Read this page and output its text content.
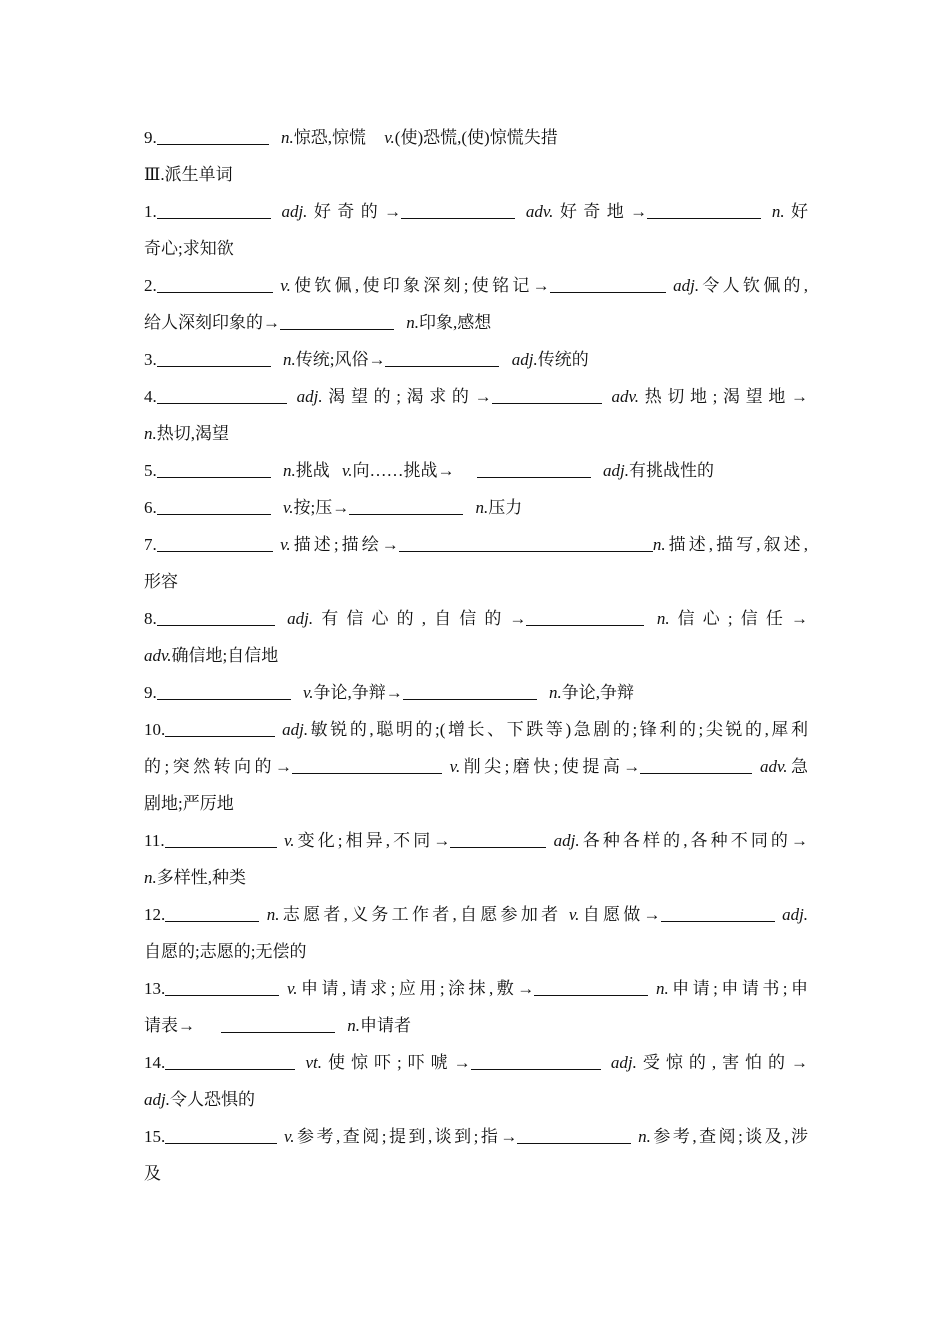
9.	n.惊恐,惊慌 v.(使)恐慌,(使)惊慌失措
Ⅲ.派生单词
1.	adj.好奇的→	adv.好奇地→	n.好
奇心;求知欲
2.	v.使钦佩,使印象深刻;使铭记→	adj.令人钦佩的,
给人深刻印象的→	n.印象,感想
3.	n.传统;风俗→	adj.传统的
4.	adj.渴望的;渴求的→	adv.热切地;渴望地→
n.热切,渴望
5.	n.挑战 v.向……挑战→	adj.有挑战性的
6.	v.按;压→	n.压力
7.	v.描述;描绘→	n.描述,描写,叙述,
形容
8.	adj.有信心的,自信的→	n.信心;信任→
adv.确信地;自信地
9.	v.争论,争辩→	n.争论,争辩
10.	adj.敏锐的,聪明的;(增长、下跌等)急剧的;锋利的;尖锐的,犀利
的;突然转向的→	v.削尖;磨快;使提高→	adv.急
剧地;严厉地
11.	v.变化;相异,不同→	adj.各种各样的,各种不同的→
n.多样性,种类
12.	n.志愿者,义务工作者,自愿参加者 v.自愿做→	adj.
自愿的;志愿的;无偿的
13.	v.申请,请求;应用;涂抹,敷→	n.申请;申请书;申
请表→	n.申请者
14.	vt.使惊吓;吓唬→	adj.受惊的,害怕的→
adj.令人恐惧的
15.	v.参考,查阅;提到,谈到;指→	n.参考,查阅;谈及,涉
及
